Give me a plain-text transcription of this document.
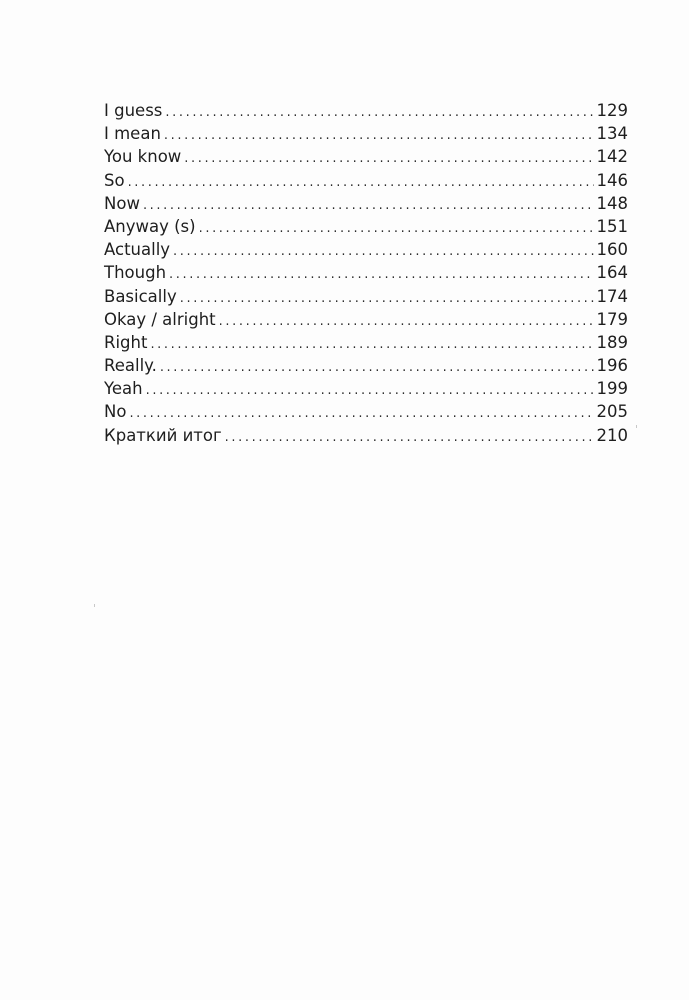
I guess .....	129
I mean .....	134
You know .....	142
So .....	146
Now .....	148
Anyway (s) .....	151
Actually .....	160
Though .....	164
Basically .....	174
Okay / alright .....	179
Right .....	189
Really. .....	196
Yeah .....	199
No .....	205
Краткий итог .....	210
